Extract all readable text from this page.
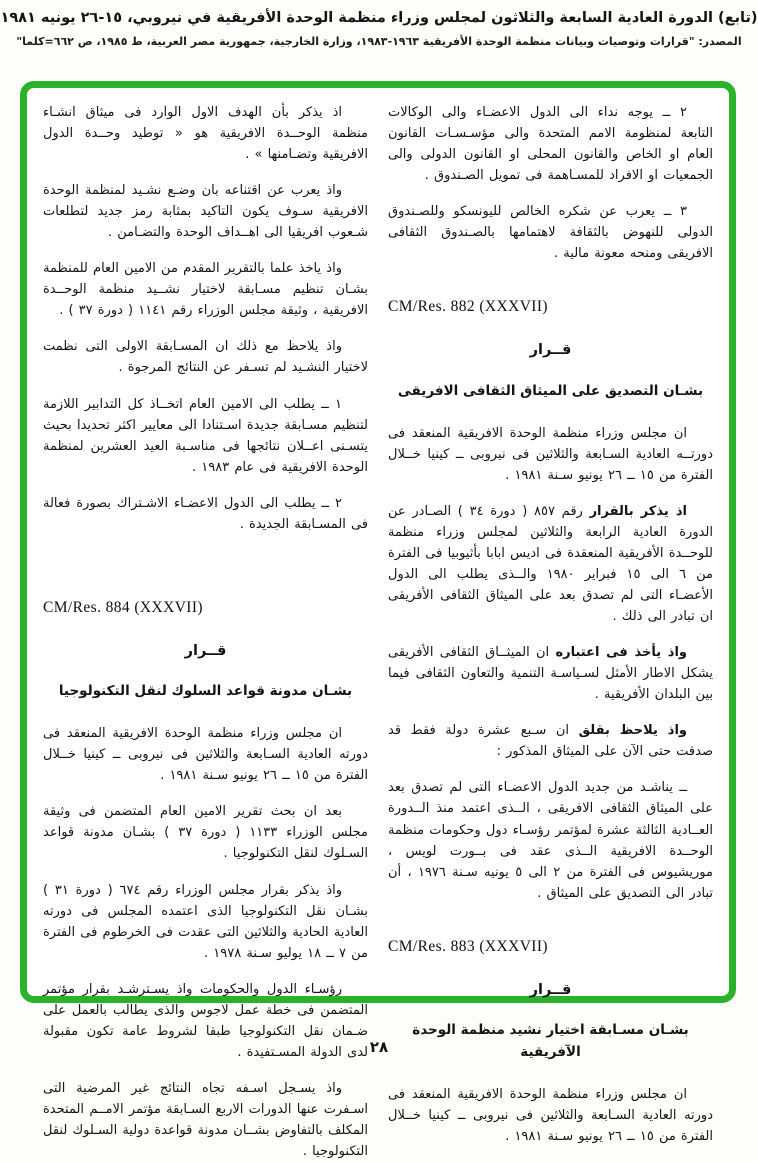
(تابع) الدورة العادية السابعة والثلاثون لمجلس وزراء منظمة الوحدة الأفريقية في نيروبي، ١٥-٢٦ يونيه ١٩٨١
المصدر: "قرارات وتوصيات وبيانات منظمة الوحدة الأفريقية ١٩٦٣-١٩٨٣، وزارة الخارجية، جمهورية مصر العربية، ط ١٩٨٥، ص ٦٦٢=كلما"

٢ ــ يوجه نداء الى الدول الاعضـاء والى الوكالات التابعة لمنظومة الامم المتحدة والى مؤسـسـات القانون العام او الخاص والقانون المحلى او القانون الدولى والى الجمعيات او الافراد للمسـاهمة فى تمويل الصـندوق .

٣ ــ يعرب عن شكره الخالص لليونسكو وللصـندوق الدولى للنهوض بالثقافة لاهتمامها بالصـندوق الثقافى الافريقى ومنحه معونة مالية .

CM/Res. 882 (XXXVII)
قــرار
بشـان التصديق على الميثاق الثقافى الافريقى

ان مجلس وزراء منظمة الوحدة الافريقية المنعقد فى دورتــه العادية السـابعة والثلاثين فى نيروبى ــ كينيا خــلال الفترة من ١٥ ــ ٢٦ يونيو سـنة ١٩٨١ .

اذ يذكر بالقرار رقم ٨٥٧ ( دورة ٣٤ ) الصـادر عن الدورة العادية الرابعة والثلاثين لمجلس وزراء منظمة للوحــدة الأفريقية المنعقدة فى اديس ابابا بأثيوبيا فى الفترة من ٦ الى ١٥ فبراير ١٩٨٠ والــذى يطلب الى الدول الأعضـاء التى لم تصدق بعد على الميثاق الثقافى الأفريقى ان تبادر الى ذلك .

واذ يأخذ فى اعتباره ان الميثــاق الثقافى الأفريقى يشكل الاطار الأمثل لسـياسـة التنمية والتعاون الثقافى فيما بين البلدان الأفريقية .

واذ يلاحظ بقلق ان سـبع عشرة دولة فقط قد صدقت حتى الآن على الميثاق المذكور :

ــ يناشـد من جديد الدول الاعضـاء التى لم تصدق بعد على الميثاق الثقافى الافريقى ، الــذى اعتمد منذ الــدورة العــادية الثالثة عشرة لمؤتمر رؤسـاء دول وحكومات منظمة الوحــدة الافريقية الــذى عقد فى بــورت لويس ، موريشيوس فى الفترة من ٢ الى ٥ يونيه سـنة ١٩٧٦ ، أن تبادر الى التصديق على الميثاق .

CM/Res. 883 (XXXVII)
قــرار
بشـان مسـابقة اختيار نشيد منظمة الوحدة الآفريقية

ان مجلس وزراء منظمة الوحدة الافريقية المنعقد فى دورته العادية السـابعة والثلاثين فى نيروبى ــ كينيا خــلال الفترة من ١٥ ــ ٢٦ يونيو سـنة ١٩٨١ .

اذ يذكر بأن الهدف الاول الوارد فى ميثاق انشـاء منظمة الوحــدة الافريقية هو « توطيد وحــدة الدول الافريقية وتضـامنها » .

واذ يعرب عن اقتناعه بان وضـع نشـيد لمنظمة الوحدة الافريقية سـوف يكون التاكيد بمثابة رمز جديد لتطلعات شـعوب افريقيا الى اهــداف الوحدة والتضـامن .

واذ ياخذ علما بالتقرير المقدم من الامين العام للمنظمة بشـان تنظيم مسـابقة لاختيار نشــيد منظمة الوحــدة الافريقية ، وثيقة مجلس الوزراء رقم ١١٤١ ( دورة ٣٧ ) .

واذ يلاحظ مع ذلك ان المسـابقة الاولى التى نظمت لاختيار النشـيد لم تسـفر عن النتائج المرجوة .

١ ــ يطلب الى الامين العام اتخــاذ كل التدابير اللازمة لتنظيم مسـابقة جديدة اسـتنادا الى معايير اكثر تحديدا بحيث يتسـنى اعــلان نتائجها فى مناسـبة العيد العشرين لمنظمة الوحدة الافريقية فى عام ١٩٨٣ .

٢ ــ يطلب الى الدول الاعضـاء الاشـتراك بصورة فعالة فى المسـابقة الجديدة .

CM/Res. 884 (XXXVII)
قــرار
بشـان مدونة قواعد السلوك لنقل التكنولوجيا

ان مجلس وزراء منظمة الوحدة الافريقية المنعقد فى دورته العادية السـابعة والثلاثين فى نيروبى ــ كينيا خــلال الفترة من ١٥ ــ ٢٦ يونيو سـنة ١٩٨١ .

بعد ان بحث تقرير الامين العام المتضمن فى وثيقة مجلس الوزراء ١١٣٣ ( دورة ٣٧ ) بشـان مدونة قواعد السـلوك لنقل التكنولوجيا .

واذ يذكر بقرار مجلس الوزراء رقم ٦٧٤ ( دورة ٣١ ) بشـان نقل التكنولوجيا الذى اعتمده المجلس فى دورته العادية الحادية والثلاثين التى عقدت فى الخرطوم فى الفترة من ٧ ــ ١٨ يوليو سـنة ١٩٧٨ .

رؤسـاء الدول والحكومات واذ يسـترشـد بقرار مؤتمر المتضمن فى خطة عمل لاجوس والذى يطالب بالعمل على ضـمان نقل التكنولوجيا طبقا لشروط عامة تكون مقبولة لدى الدولة المسـتفيدة .

واذ يسـجل اسـفه تجاه النتائج غير المرضية التى اسـفرت عنها الدورات الاربع السـابقة مؤتمر الامــم المتحدة المكلف بالتفاوض بشــان مدونة قواعدة دولية السـلوك لنقل التكنولوجيا .

٢٨
